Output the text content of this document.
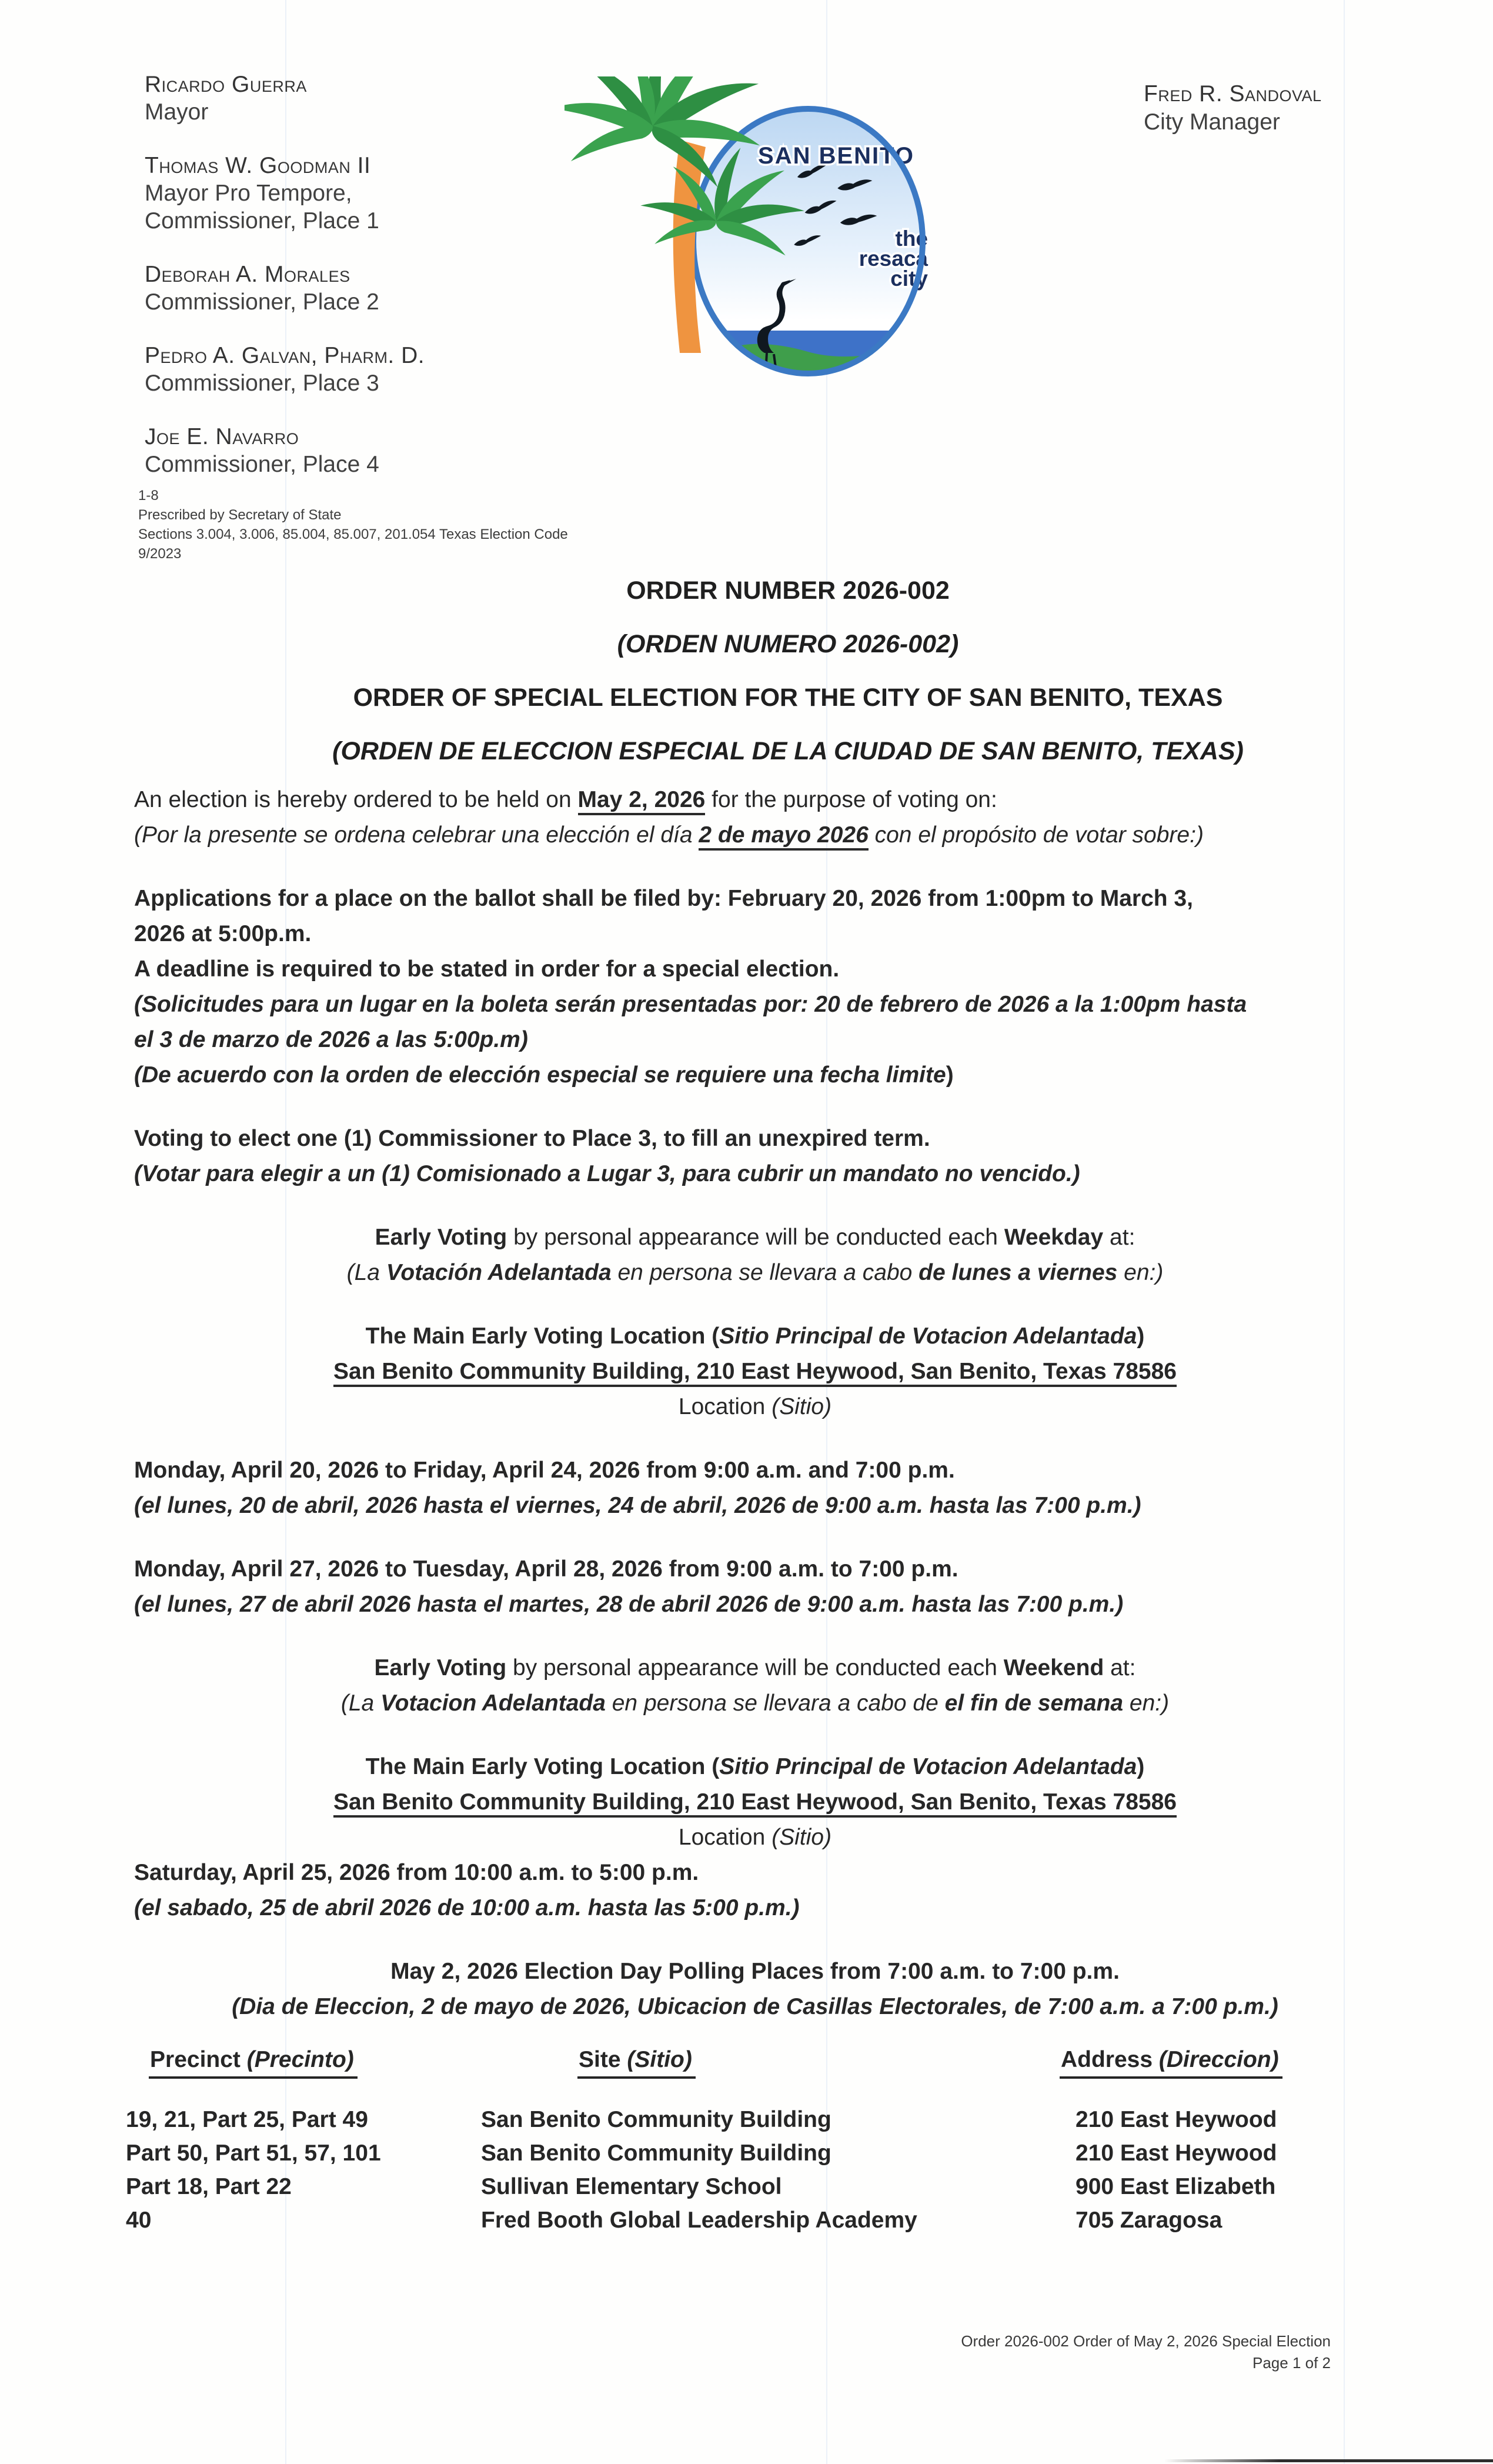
Ricardo Guerra
Mayor
Thomas W. Goodman II
Mayor Pro Tempore,
Commissioner, Place 1
Deborah A. Morales
Commissioner, Place 2
Pedro A. Galvan, Pharm. D.
Commissioner, Place 3
Joe E. Navarro
Commissioner, Place 4
SAN BENITO
the
resaca
city
Fred R. Sandoval
City Manager
1-8
Prescribed by Secretary of State
Sections 3.004, 3.006, 85.004, 85.007, 201.054 Texas Election Code
9/2023
ORDER NUMBER 2026-002
(ORDEN NUMERO 2026-002)
ORDER OF SPECIAL ELECTION FOR THE CITY OF SAN BENITO, TEXAS
(ORDEN DE ELECCION ESPECIAL DE LA CIUDAD DE SAN BENITO, TEXAS)
An election is hereby ordered to be held on May 2, 2026 for the purpose of voting on:
(Por la presente se ordena celebrar una elección el día 2 de mayo 2026 con el propósito de votar sobre:)
Applications for a place on the ballot shall be filed by: February 20, 2026 from 1:00pm to March 3,
2026 at 5:00p.m.
A deadline is required to be stated in order for a special election.
(Solicitudes para un lugar en la boleta serán presentadas por: 20 de febrero de 2026 a la 1:00pm hasta
el 3 de marzo de 2026 a las 5:00p.m)
(De acuerdo con la orden de elección especial se requiere una fecha limite)
Voting to elect one (1) Commissioner to Place 3, to fill an unexpired term.
(Votar para elegir a un (1) Comisionado a Lugar 3, para cubrir un mandato no vencido.)
Early Voting by personal appearance will be conducted each Weekday at:
(La Votación Adelantada en persona se llevara a cabo de lunes a viernes en:)
The Main Early Voting Location (Sitio Principal de Votacion Adelantada)
San Benito Community Building, 210 East Heywood, San Benito, Texas 78586
Location (Sitio)
Monday, April 20, 2026 to Friday, April 24, 2026 from 9:00 a.m. and 7:00 p.m.
(el lunes, 20 de abril, 2026 hasta el viernes, 24 de abril, 2026 de 9:00 a.m. hasta las 7:00 p.m.)
Monday, April 27, 2026 to Tuesday, April 28, 2026 from 9:00 a.m. to 7:00 p.m.
(el lunes, 27 de abril 2026 hasta el martes, 28 de abril 2026 de 9:00 a.m. hasta las 7:00 p.m.)
Early Voting by personal appearance will be conducted each Weekend at:
(La Votacion Adelantada en persona se llevara a cabo de el fin de semana en:)
The Main Early Voting Location (Sitio Principal de Votacion Adelantada)
San Benito Community Building, 210 East Heywood, San Benito, Texas 78586
Location (Sitio)
Saturday, April 25, 2026 from 10:00 a.m. to 5:00 p.m.
(el sabado, 25 de abril 2026 de 10:00 a.m. hasta las 5:00 p.m.)
May 2, 2026 Election Day Polling Places from 7:00 a.m. to 7:00 p.m.
(Dia de Eleccion, 2 de mayo de 2026, Ubicacion de Casillas Electorales, de 7:00 a.m. a 7:00 p.m.)
Precinct (Precinto)	Site (Sitio)	Address (Direccion)
19, 21, Part 25, Part 49	San Benito Community Building	210 East Heywood
Part 50, Part 51, 57, 101	San Benito Community Building	210 East Heywood
Part 18, Part 22	Sullivan Elementary School	900 East Elizabeth
40	Fred Booth Global Leadership Academy	705 Zaragosa
Order 2026-002 Order of May 2, 2026 Special Election
Page 1 of 2
